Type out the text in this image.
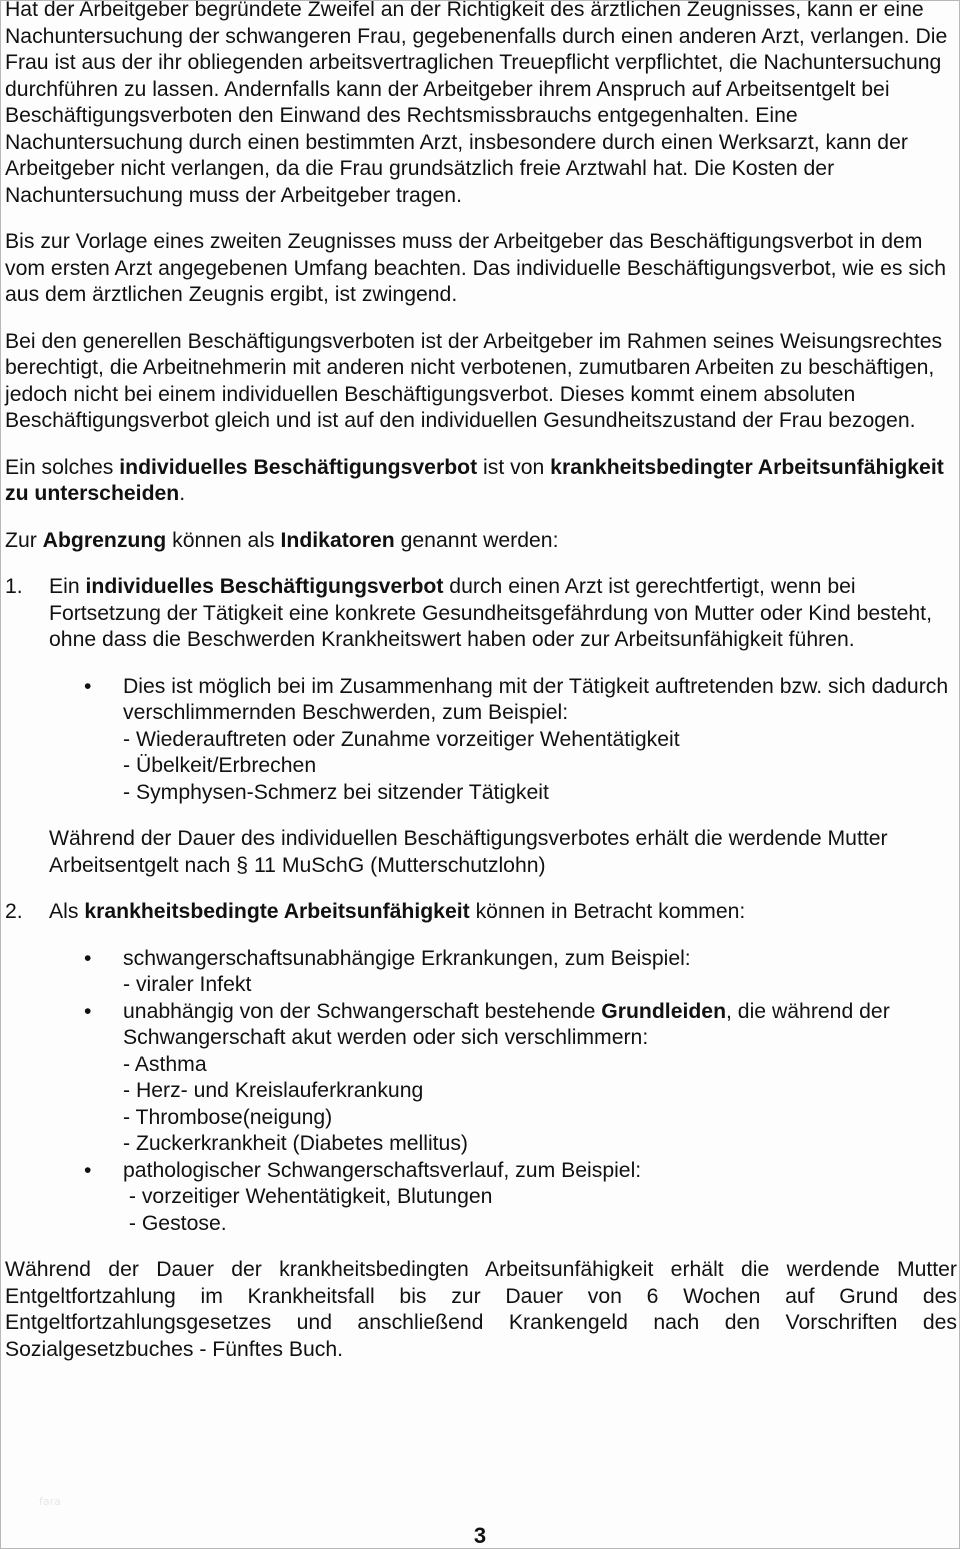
Hat der Arbeitgeber begründete Zweifel an der Richtigkeit des ärztlichen Zeugnisses, kann er eine Nachuntersuchung der schwangeren Frau, gegebenenfalls durch einen anderen Arzt, verlangen. Die Frau ist aus der ihr obliegenden arbeitsvertraglichen Treuepflicht verpflichtet, die Nachuntersuchung durchführen zu lassen. Andernfalls kann der Arbeitgeber ihrem Anspruch auf Arbeitsentgelt bei Beschäftigungsverboten den Einwand des Rechtsmissbrauchs entgegenhalten. Eine Nachuntersuchung durch einen bestimmten Arzt, insbesondere durch einen Werksarzt, kann der Arbeitgeber nicht verlangen, da die Frau grundsätzlich freie Arztwahl hat. Die Kosten der Nachuntersuchung muss der Arbeitgeber tragen.

Bis zur Vorlage eines zweiten Zeugnisses muss der Arbeitgeber das Beschäftigungsverbot in dem vom ersten Arzt angegebenen Umfang beachten. Das individuelle Beschäftigungsverbot, wie es sich aus dem ärztlichen Zeugnis ergibt, ist zwingend.

Bei den generellen Beschäftigungsverboten ist der Arbeitgeber im Rahmen seines Weisungsrechtes berechtigt, die Arbeitnehmerin mit anderen nicht verbotenen, zumutbaren Arbeiten zu beschäftigen, jedoch nicht bei einem individuellen Beschäftigungsverbot. Dieses kommt einem absoluten Beschäftigungsverbot gleich und ist auf den individuellen Gesundheitszustand der Frau bezogen.

Ein solches individuelles Beschäftigungsverbot ist von krankheitsbedingter Arbeitsunfähigkeit zu unterscheiden.

Zur Abgrenzung können als Indikatoren genannt werden:

1. Ein individuelles Beschäftigungsverbot durch einen Arzt ist gerechtfertigt, wenn bei Fortsetzung der Tätigkeit eine konkrete Gesundheitsgefährdung von Mutter oder Kind besteht, ohne dass die Beschwerden Krankheitswert haben oder zur Arbeitsunfähigkeit führen.
• Dies ist möglich bei im Zusammenhang mit der Tätigkeit auftretenden bzw. sich dadurch verschlimmernden Beschwerden, zum Beispiel:
- Wiederauftreten oder Zunahme vorzeitiger Wehentätigkeit
- Übelkeit/Erbrechen
- Symphysen-Schmerz bei sitzender Tätigkeit

Während der Dauer des individuellen Beschäftigungsverbotes erhält die werdende Mutter Arbeitsentgelt nach § 11 MuSchG (Mutterschutzlohn)

2. Als krankheitsbedingte Arbeitsunfähigkeit können in Betracht kommen:
• schwangerschaftsunabhängige Erkrankungen, zum Beispiel:
- viraler Infekt
• unabhängig von der Schwangerschaft bestehende Grundleiden, die während der Schwangerschaft akut werden oder sich verschlimmern:
- Asthma
- Herz- und Kreislauferkrankung
- Thrombose(neigung)
- Zuckerkrankheit (Diabetes mellitus)
• pathologischer Schwangerschaftsverlauf, zum Beispiel:
- vorzeitiger Wehentätigkeit, Blutungen
- Gestose.

Während der Dauer der krankheitsbedingten Arbeitsunfähigkeit erhält die werdende Mutter Entgeltfortzahlung im Krankheitsfall bis zur Dauer von 6 Wochen auf Grund des Entgeltfortzahlungsgesetzes und anschließend Krankengeld nach den Vorschriften des Sozialgesetzbuches - Fünftes Buch.

fara
3
